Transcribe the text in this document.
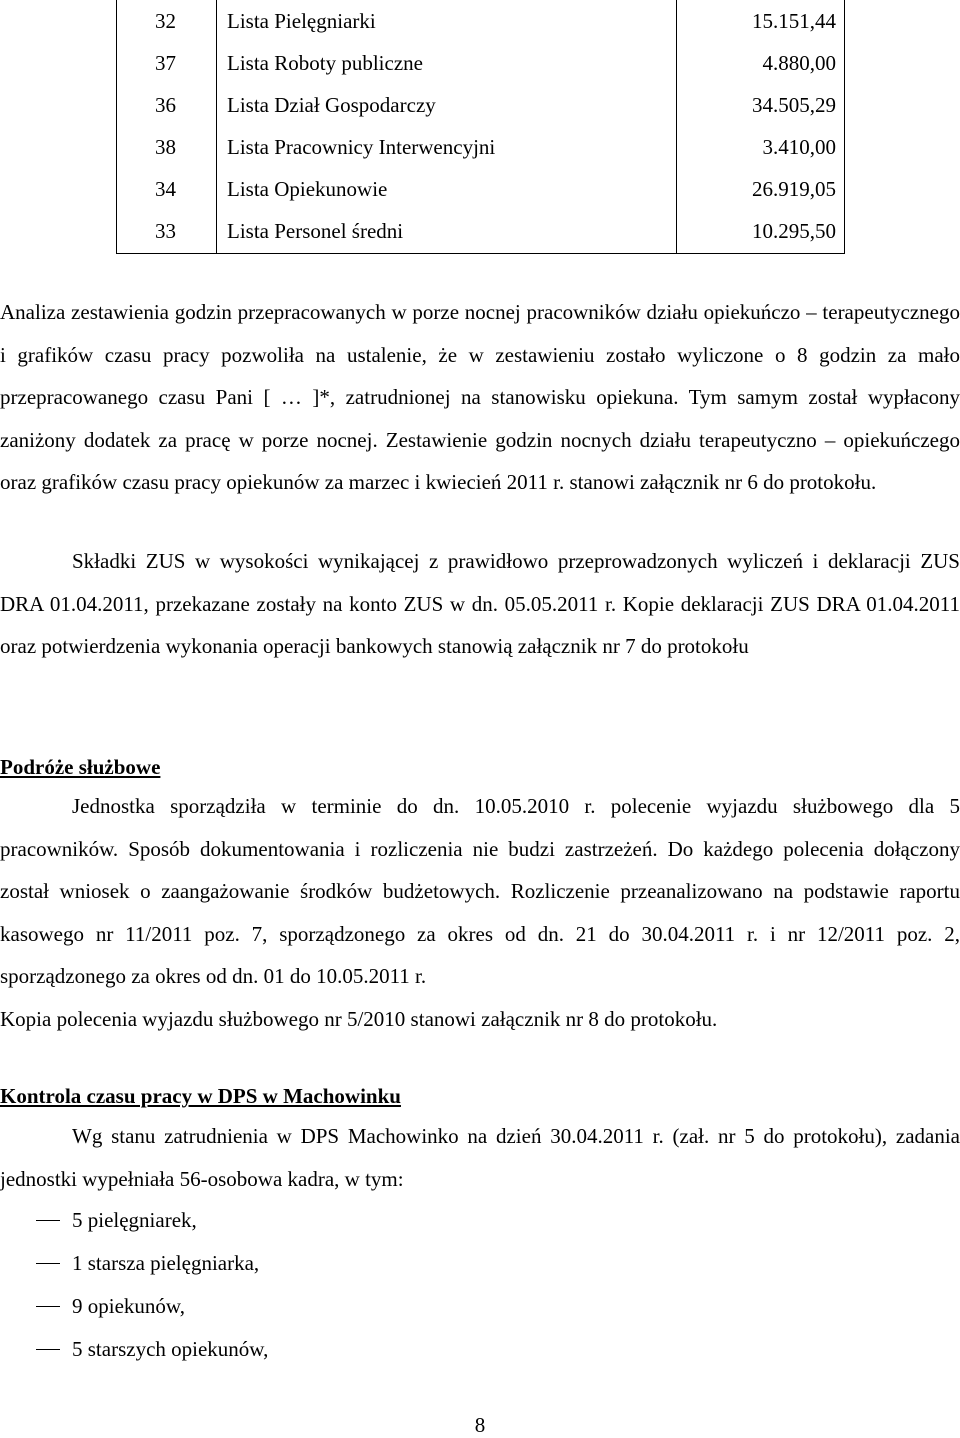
32	Lista Pielęgniarki	15.151,44
37	Lista Roboty publiczne	4.880,00
36	Lista Dział Gospodarczy	34.505,29
38	Lista Pracownicy Interwencyjni	3.410,00
34	Lista Opiekunowie	26.919,05
33	Lista Personel średni	10.295,50

Analiza zestawienia godzin przepracowanych w porze nocnej pracowników działu opiekuńczo – terapeutycznego i grafików czasu pracy pozwoliła na ustalenie, że w zestawieniu zostało wyliczone o 8 godzin za mało przepracowanego czasu Pani [ … ]*, zatrudnionej na stanowisku opiekuna. Tym samym został wypłacony zaniżony dodatek za pracę w porze nocnej. Zestawienie godzin nocnych działu terapeutyczno – opiekuńczego oraz grafików czasu pracy opiekunów za marzec i kwiecień 2011 r. stanowi załącznik nr 6 do protokołu.

Składki ZUS w wysokości wynikającej z prawidłowo przeprowadzonych wyliczeń i deklaracji ZUS DRA 01.04.2011, przekazane zostały na konto ZUS w dn. 05.05.2011 r. Kopie deklaracji ZUS DRA 01.04.2011 oraz potwierdzenia wykonania operacji bankowych stanowią załącznik nr 7 do protokołu

Podróże służbowe

Jednostka sporządziła w terminie do dn. 10.05.2010 r. polecenie wyjazdu służbowego dla 5 pracowników. Sposób dokumentowania i rozliczenia nie budzi zastrzeżeń. Do każdego polecenia dołączony został wniosek o zaangażowanie środków budżetowych. Rozliczenie przeanalizowano na podstawie raportu kasowego nr 11/2011 poz. 7, sporządzonego za okres od dn. 21 do 30.04.2011 r. i nr 12/2011 poz. 2, sporządzonego za okres od dn. 01 do 10.05.2011 r.

Kopia polecenia wyjazdu służbowego nr 5/2010 stanowi załącznik nr 8 do protokołu.

Kontrola czasu pracy w DPS w Machowinku

Wg stanu zatrudnienia w DPS Machowinko na dzień 30.04.2011 r. (zał. nr 5 do protokołu), zadania jednostki wypełniała 56-osobowa kadra, w tym:

5 pielęgniarek,
1 starsza pielęgniarka,
9 opiekunów,
5 starszych opiekunów,
8
